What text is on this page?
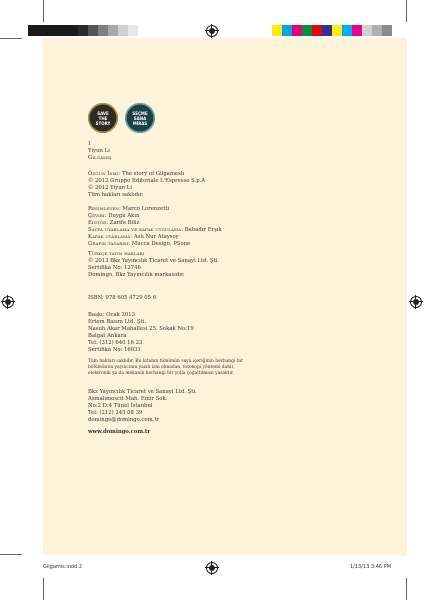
SAVE
THE
STORY
SEÇME
SANA
MİRAS
1
Yiyun Li
Gılgamış
Özgün İsmi: The story of Gilgamesh
© 2012 Gruppo Editoriale L'Espresso S.p.A
© 2012 Yiyun Li
Tüm hakları saklıdır.
Resimleyen: Marco Lorenzetti
Çeviri: Duygu Akın
Editör: Zarife Biliz
Sayfa uyarlama ve kapak uygulama: Bahadır Erşık
Kapak uyarlama: Aslı Nur Ataysoy
Grafik tasarım: Mucca Design, PSone
Türkçe yayın hakları
© 2013 Bkz Yayıncılık Ticaret ve Sanayi Ltd. Şti.
Sertifika No: 12746
Domingo, Bkz Yayıncılık markasıdır.
ISBN: 978 605 4729 05 6
Baskı: Ocak 2013
Ertem Basım Ltd. Şti.
Nasuh Akar Mahallesi 25. Sokak No:19
Balgat Ankara
Tel: (312) 640 16 23
Sertifika No: 16031
Tüm hakları saklıdır. Bu kitabın tümünün veya içeriğinin herhangi bir
bölümünün yayıncının yazılı izni olmadan, fotokopi yöntemi dahil,
elektronik ya da mekanik herhangi bir yolla çoğaltılması yasaktır.
Bkz Yayıncılık Ticaret ve Sanayi Ltd. Şti.
Asmalımescit Mah. Emir Sok.
No:2 D:4 Tünel İstanbul
Tel: (212) 245 08 39
domingo@domingo.com.tr
www.domingo.com.tr
Gilgamis.indd 2	1/13/13 3:46 PM
